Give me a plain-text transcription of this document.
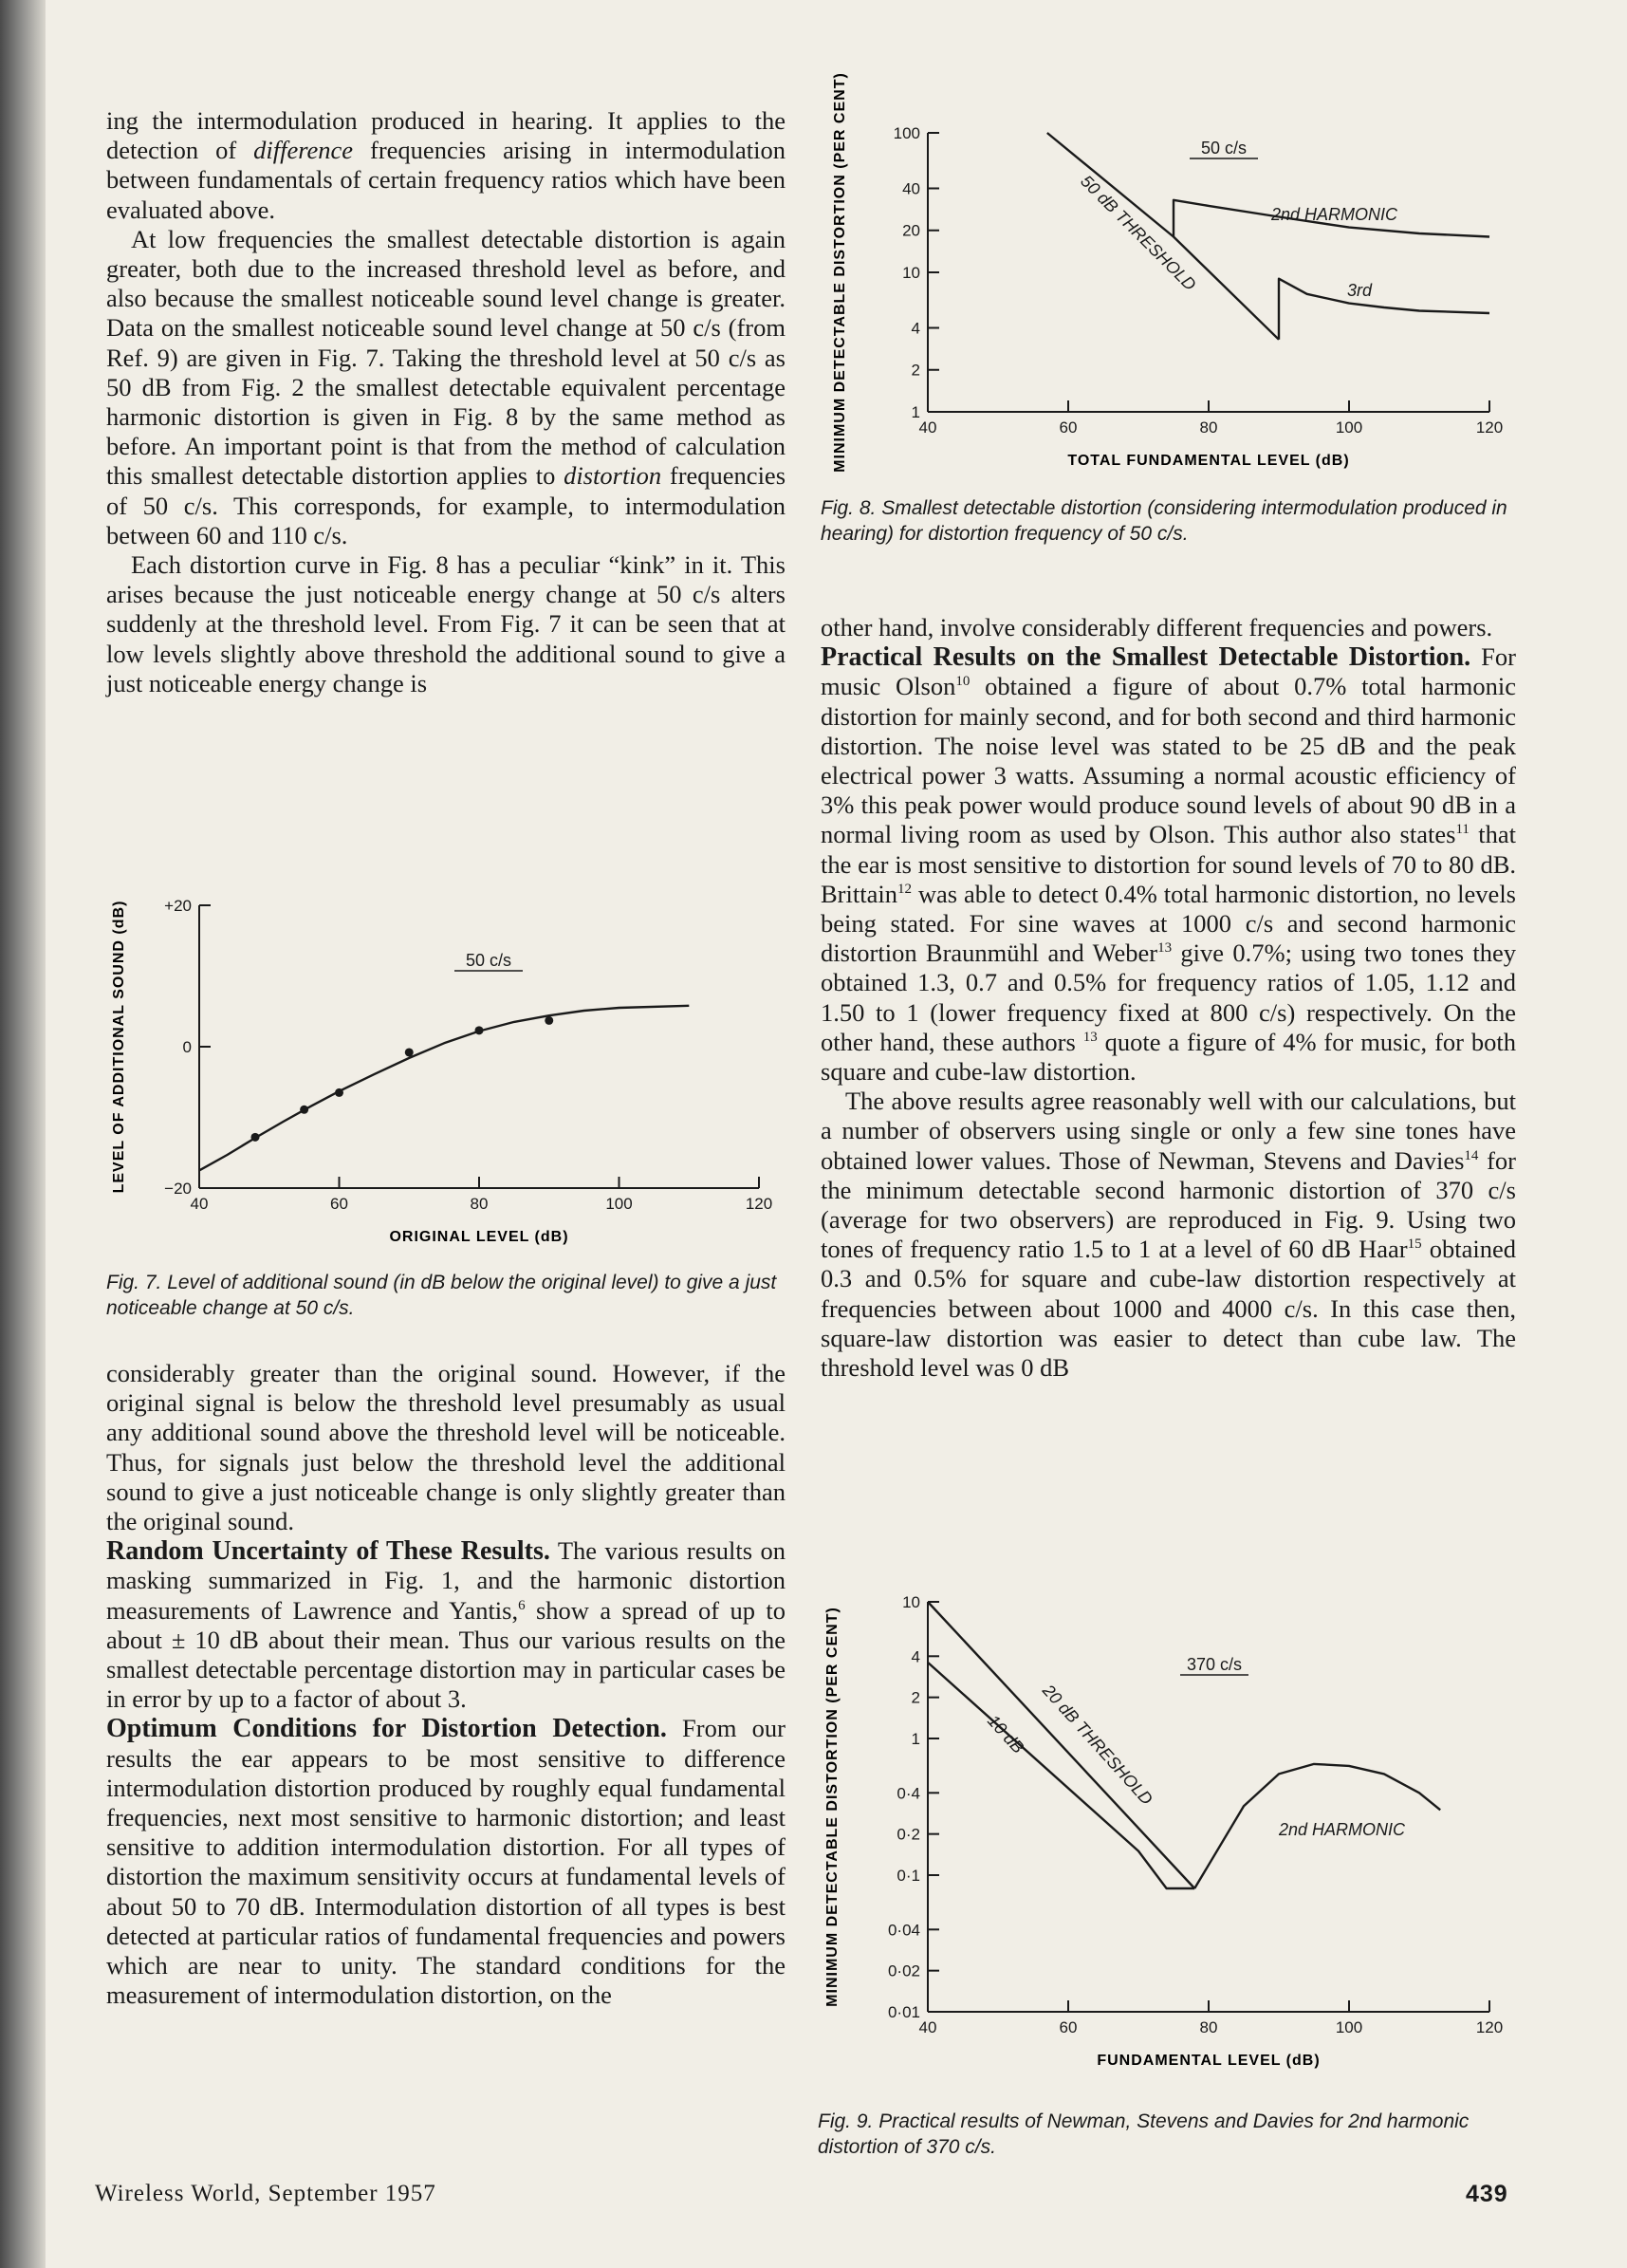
ing the intermodulation produced in hearing. It applies to the detection of difference frequencies arising in intermodulation between fundamentals of certain frequency ratios which have been evaluated above.

At low frequencies the smallest detectable distortion is again greater, both due to the increased threshold level as before, and also because the smallest noticeable sound level change is greater. Data on the smallest noticeable sound level change at 50 c/s (from Ref. 9) are given in Fig. 7. Taking the threshold level at 50 c/s as 50 dB from Fig. 2 the smallest detectable equivalent percentage harmonic distortion is given in Fig. 8 by the same method as before. An important point is that from the method of calculation this smallest detectable distortion applies to distortion frequencies of 50 c/s. This corresponds, for example, to intermodulation between 60 and 110 c/s.

Each distortion curve in Fig. 8 has a peculiar “kink” in it. This arises because the just noticeable energy change at 50 c/s alters suddenly at the threshold level. From Fig. 7 it can be seen that at low levels slightly above threshold the additional sound to give a just noticeable energy change is

40	60	80	100	120
+20
0
−20
ORIGINAL LEVEL (dB)
LEVEL OF ADDITIONAL SOUND (dB)	50 c/s
Fig. 7. Level of additional sound (in dB below the original level) to give a just noticeable change at 50 c/s.

considerably greater than the original sound. However, if the original signal is below the threshold level presumably as usual any additional sound above the threshold level will be noticeable. Thus, for signals just below the threshold level the additional sound to give a just noticeable change is only slightly greater than the original sound.

Random Uncertainty of These Results. The various results on masking summarized in Fig. 1, and the harmonic distortion measurements of Lawrence and Yantis,$^6$ show a spread of up to about ± 10 dB about their mean. Thus our various results on the smallest detectable percentage distortion may in particular cases be in error by up to a factor of about 3.

Optimum Conditions for Distortion Detection. From our results the ear appears to be most sensitive to difference intermodulation distortion produced by roughly equal fundamental frequencies, next most sensitive to harmonic distortion; and least sensitive to addition intermodulation distortion. For all types of distortion the maximum sensitivity occurs at fundamental levels of about 50 to 70 dB. Intermodulation distortion of all types is best detected at particular ratios of fundamental frequencies and powers which are near to unity. The standard conditions for the measurement of intermodulation distortion, on the

40	60	80	100	120
1
2
4
10
20
40
100
TOTAL FUNDAMENTAL LEVEL (dB)
MINIMUM DETECTABLE DISTORTION (PER CENT)	50 c/s
50 dB THRESHOLD	2nd HARMONIC
3rd
Fig. 8. Smallest detectable distortion (considering intermodulation produced in hearing) for distortion frequency of 50 c/s.

other hand, involve considerably different frequencies and powers.

Practical Results on the Smallest Detectable Distortion. For music Olson$^{10}$ obtained a figure of about 0.7% total harmonic distortion for mainly second, and for both second and third harmonic distortion. The noise level was stated to be 25 dB and the peak electrical power 3 watts. Assuming a normal acoustic efficiency of 3% this peak power would produce sound levels of about 90 dB in a normal living room as used by Olson. This author also states$^{11}$ that the ear is most sensitive to distortion for sound levels of 70 to 80 dB. Brittain$^{12}$ was able to detect 0.4% total harmonic distortion, no levels being stated. For sine waves at 1000 c/s and second harmonic distortion Braunmühl and Weber$^{13}$ give 0.7%; using two tones they obtained 1.3, 0.7 and 0.5% for frequency ratios of 1.05, 1.12 and 1.50 to 1 (lower frequency fixed at 800 c/s) respectively. On the other hand, these authors $^{13}$ quote a figure of 4% for music, for both square and cube-law distortion.

The above results agree reasonably well with our calculations, but a number of observers using single or only a few sine tones have obtained lower values. Those of Newman, Stevens and Davies$^{14}$ for the minimum detectable second harmonic distortion of 370 c/s (average for two observers) are reproduced in Fig. 9. Using two tones of frequency ratio 1.5 to 1 at a level of 60 dB Haar$^{15}$ obtained 0.3 and 0.5% for square and cube-law distortion respectively at frequencies between about 1000 and 4000 c/s. In this case then, square-law distortion was easier to detect than cube law. The threshold level was 0 dB

40	60	80	100	120
10
4
2
1
0·4
0·2
0·1
0·04
0·02
0·01
FUNDAMENTAL LEVEL (dB)
MINIMUM DETECTABLE DISTORTION (PER CENT)	370 c/s
20 dB THRESHOLD
10 dB
2nd HARMONIC
Fig. 9. Practical results of Newman, Stevens and Davies for 2nd harmonic distortion of 370 c/s.
Wireless World, September 1957	439
